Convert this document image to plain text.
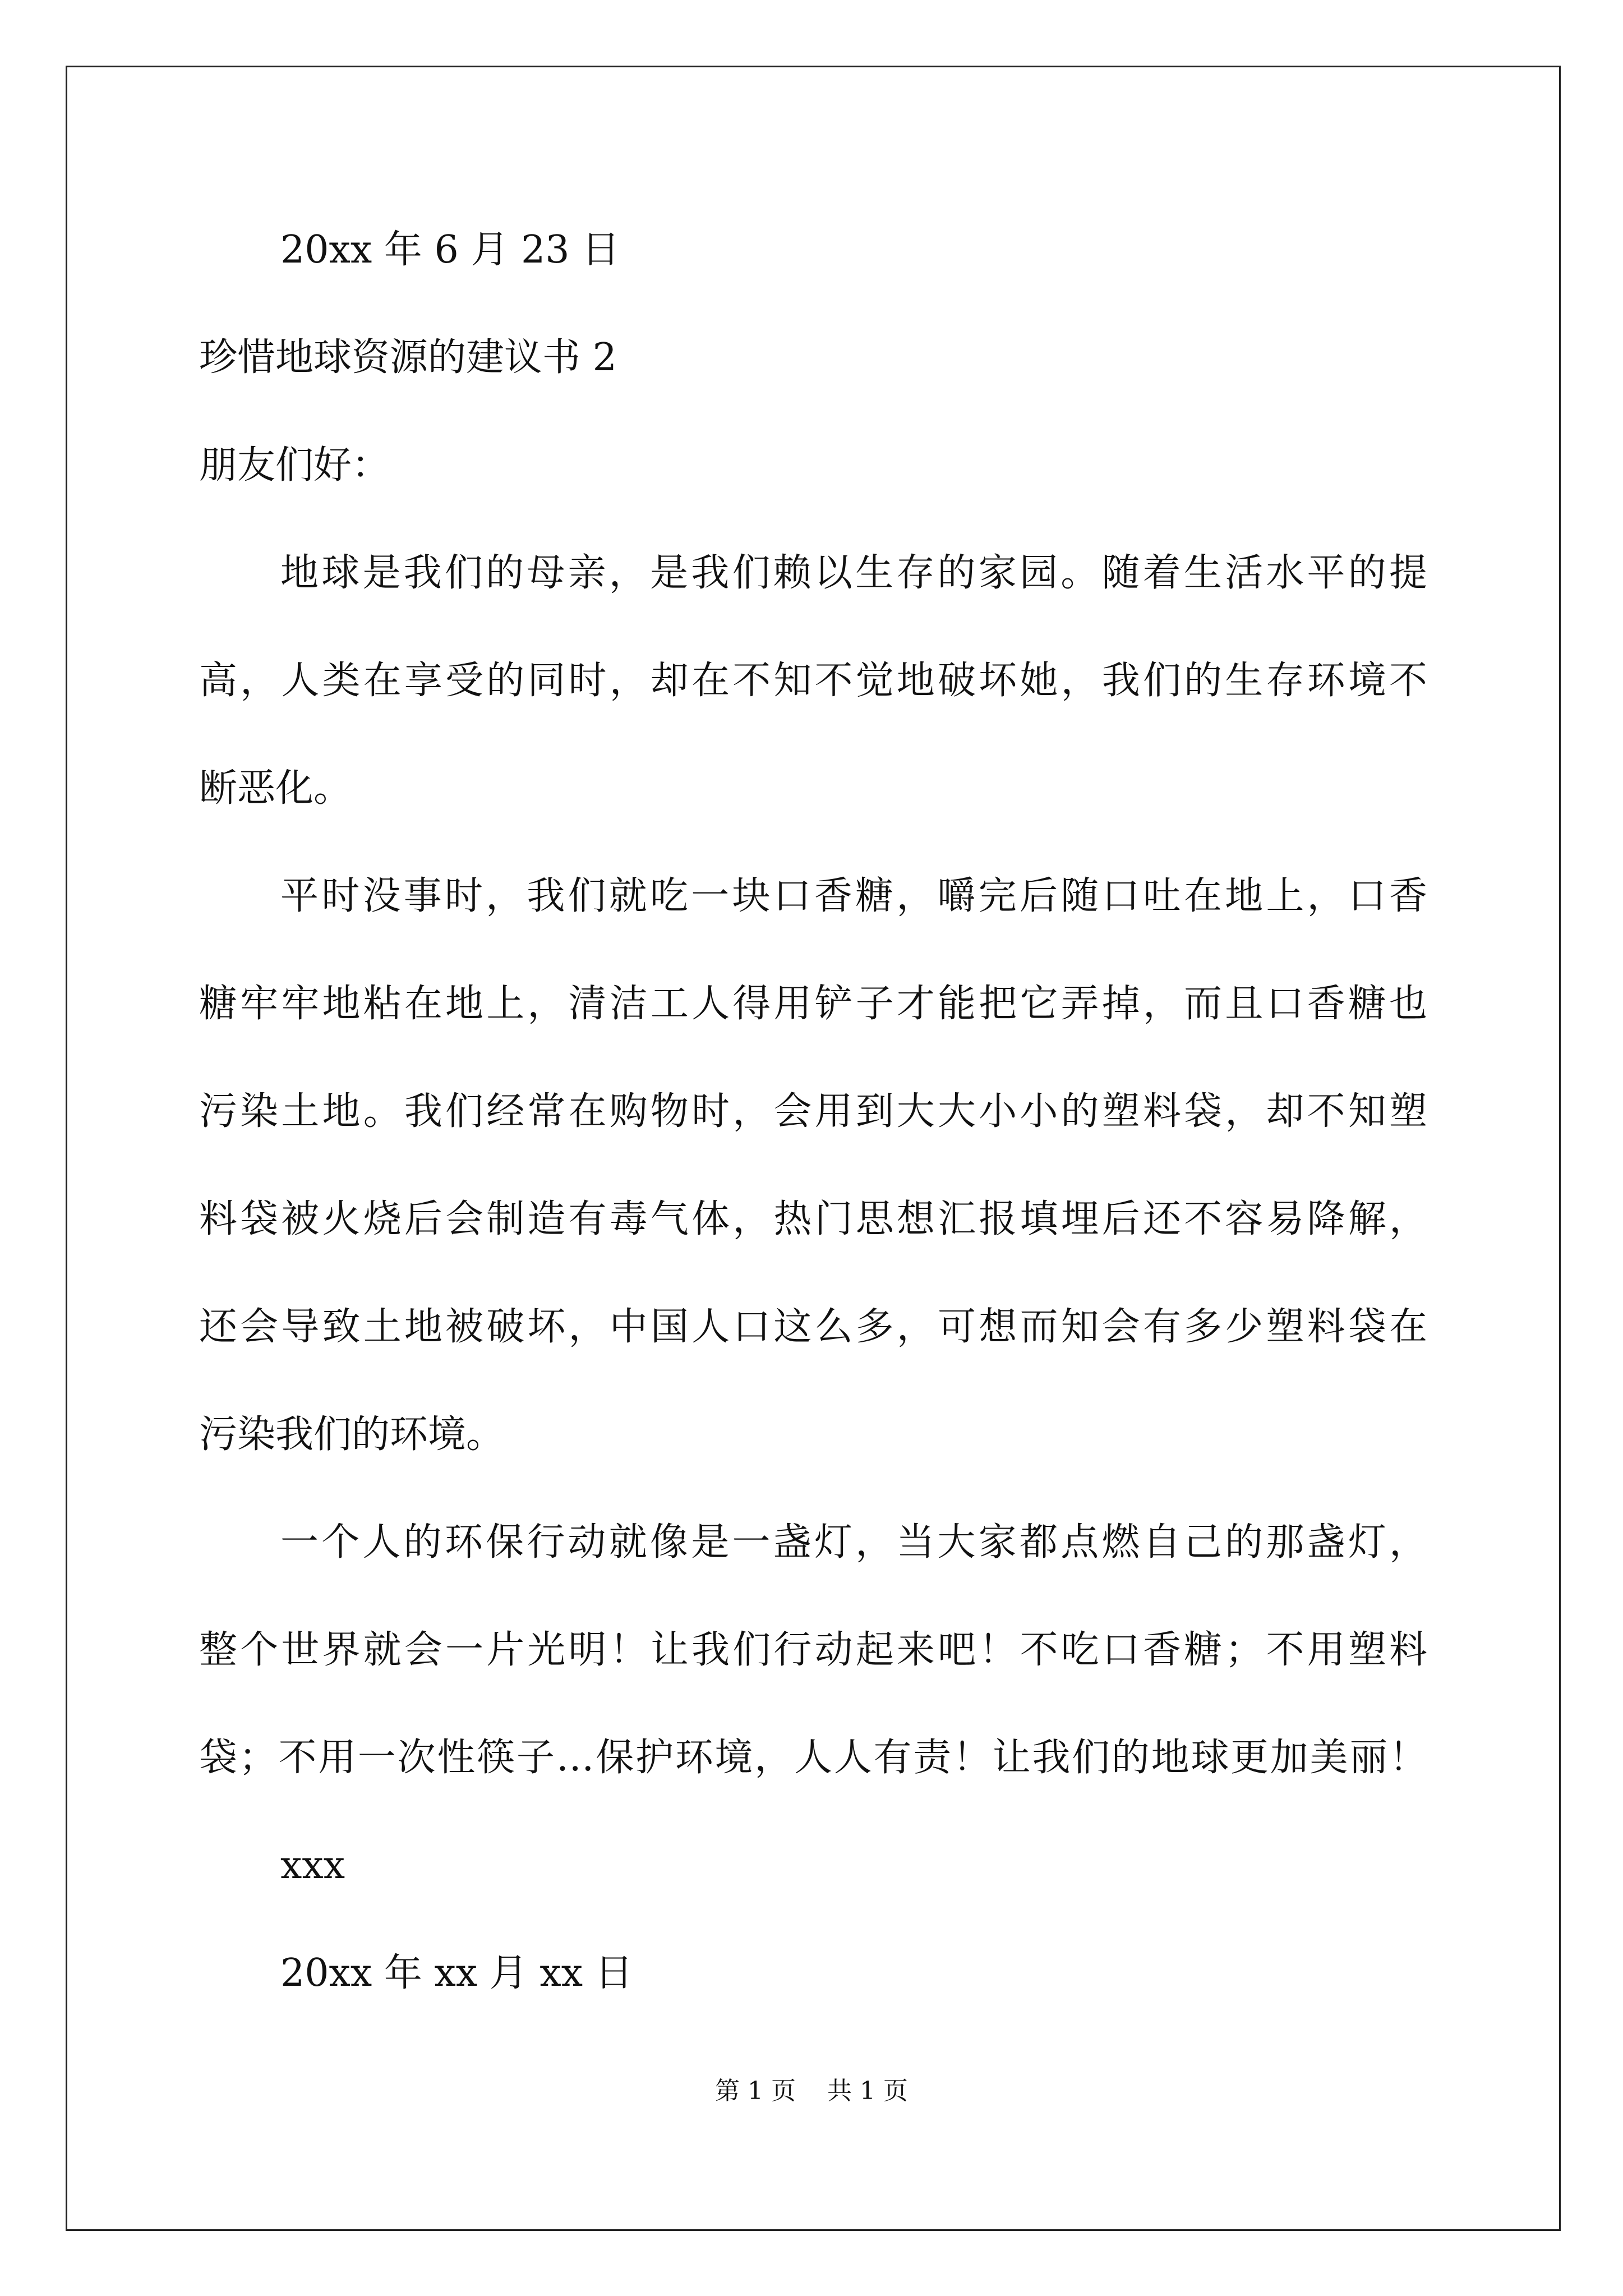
20xx 年 6 月 23 日
珍惜地球资源的建议书 2
朋友们好：
地球是我们的母亲，是我们赖以生存的家园。随着生活水平的提
高，人类在享受的同时，却在不知不觉地破坏她，我们的生存环境不
断恶化。
平时没事时，我们就吃一块口香糖，嚼完后随口吐在地上，口香
糖牢牢地粘在地上，清洁工人得用铲子才能把它弄掉，而且口香糖也
污染土地。我们经常在购物时，会用到大大小小的塑料袋，却不知塑
料袋被火烧后会制造有毒气体，热门思想汇报填埋后还不容易降解，
还会导致土地被破坏，中国人口这么多，可想而知会有多少塑料袋在
污染我们的环境。
一个人的环保行动就像是一盏灯，当大家都点燃自己的那盏灯，
整个世界就会一片光明！让我们行动起来吧！不吃口香糖；不用塑料
袋；不用一次性筷子…保护环境，人人有责！让我们的地球更加美丽！
xxx
20xx 年 xx 月 xx 日
第 1 页    共 1 页
